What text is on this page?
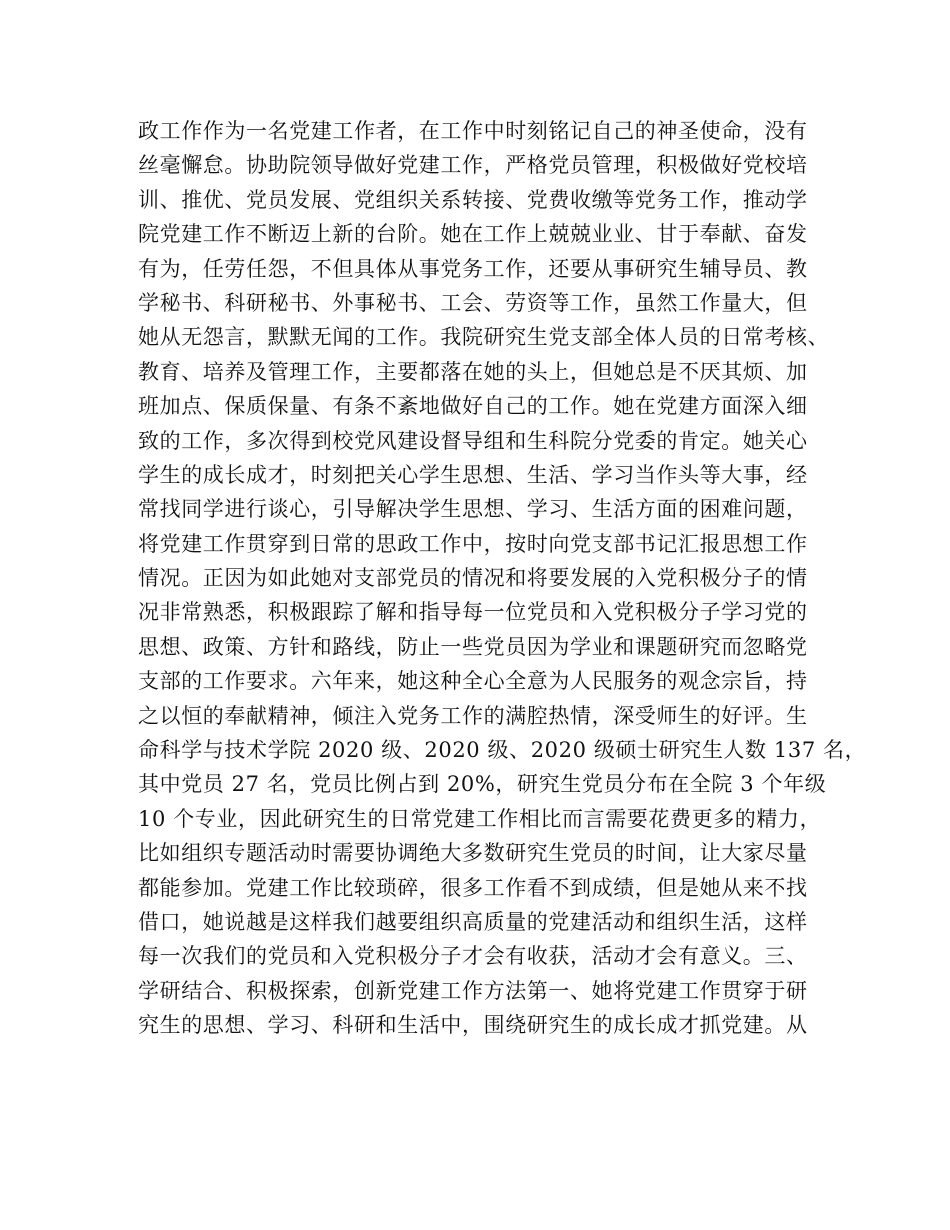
政工作作为一名党建工作者，在工作中时刻铭记自己的神圣使命，没有
丝毫懈怠。协助院领导做好党建工作，严格党员管理，积极做好党校培
训、推优、党员发展、党组织关系转接、党费收缴等党务工作，推动学
院党建工作不断迈上新的台阶。她在工作上兢兢业业、甘于奉献、奋发
有为，任劳任怨，不但具体从事党务工作，还要从事研究生辅导员、教
学秘书、科研秘书、外事秘书、工会、劳资等工作，虽然工作量大，但
她从无怨言，默默无闻的工作。我院研究生党支部全体人员的日常考核、
教育、培养及管理工作，主要都落在她的头上，但她总是不厌其烦、加
班加点、保质保量、有条不紊地做好自己的工作。她在党建方面深入细
致的工作，多次得到校党风建设督导组和生科院分党委的肯定。她关心
学生的成长成才，时刻把关心学生思想、生活、学习当作头等大事，经
常找同学进行谈心，引导解决学生思想、学习、生活方面的困难问题，
将党建工作贯穿到日常的思政工作中，按时向党支部书记汇报思想工作
情况。正因为如此她对支部党员的情况和将要发展的入党积极分子的情
况非常熟悉，积极跟踪了解和指导每一位党员和入党积极分子学习党的
思想、政策、方针和路线，防止一些党员因为学业和课题研究而忽略党
支部的工作要求。六年来，她这种全心全意为人民服务的观念宗旨，持
之以恒的奉献精神，倾注入党务工作的满腔热情，深受师生的好评。生
命科学与技术学院 2020 级、2020 级、2020 级硕士研究生人数 137 名，
其中党员 27 名，党员比例占到 20%，研究生党员分布在全院 3 个年级
10 个专业，因此研究生的日常党建工作相比而言需要花费更多的精力，
比如组织专题活动时需要协调绝大多数研究生党员的时间，让大家尽量
都能参加。党建工作比较琐碎，很多工作看不到成绩，但是她从来不找
借口，她说越是这样我们越要组织高质量的党建活动和组织生活，这样
每一次我们的党员和入党积极分子才会有收获，活动才会有意义。三、
学研结合、积极探索，创新党建工作方法第一、她将党建工作贯穿于研
究生的思想、学习、科研和生活中，围绕研究生的成长成才抓党建。从
